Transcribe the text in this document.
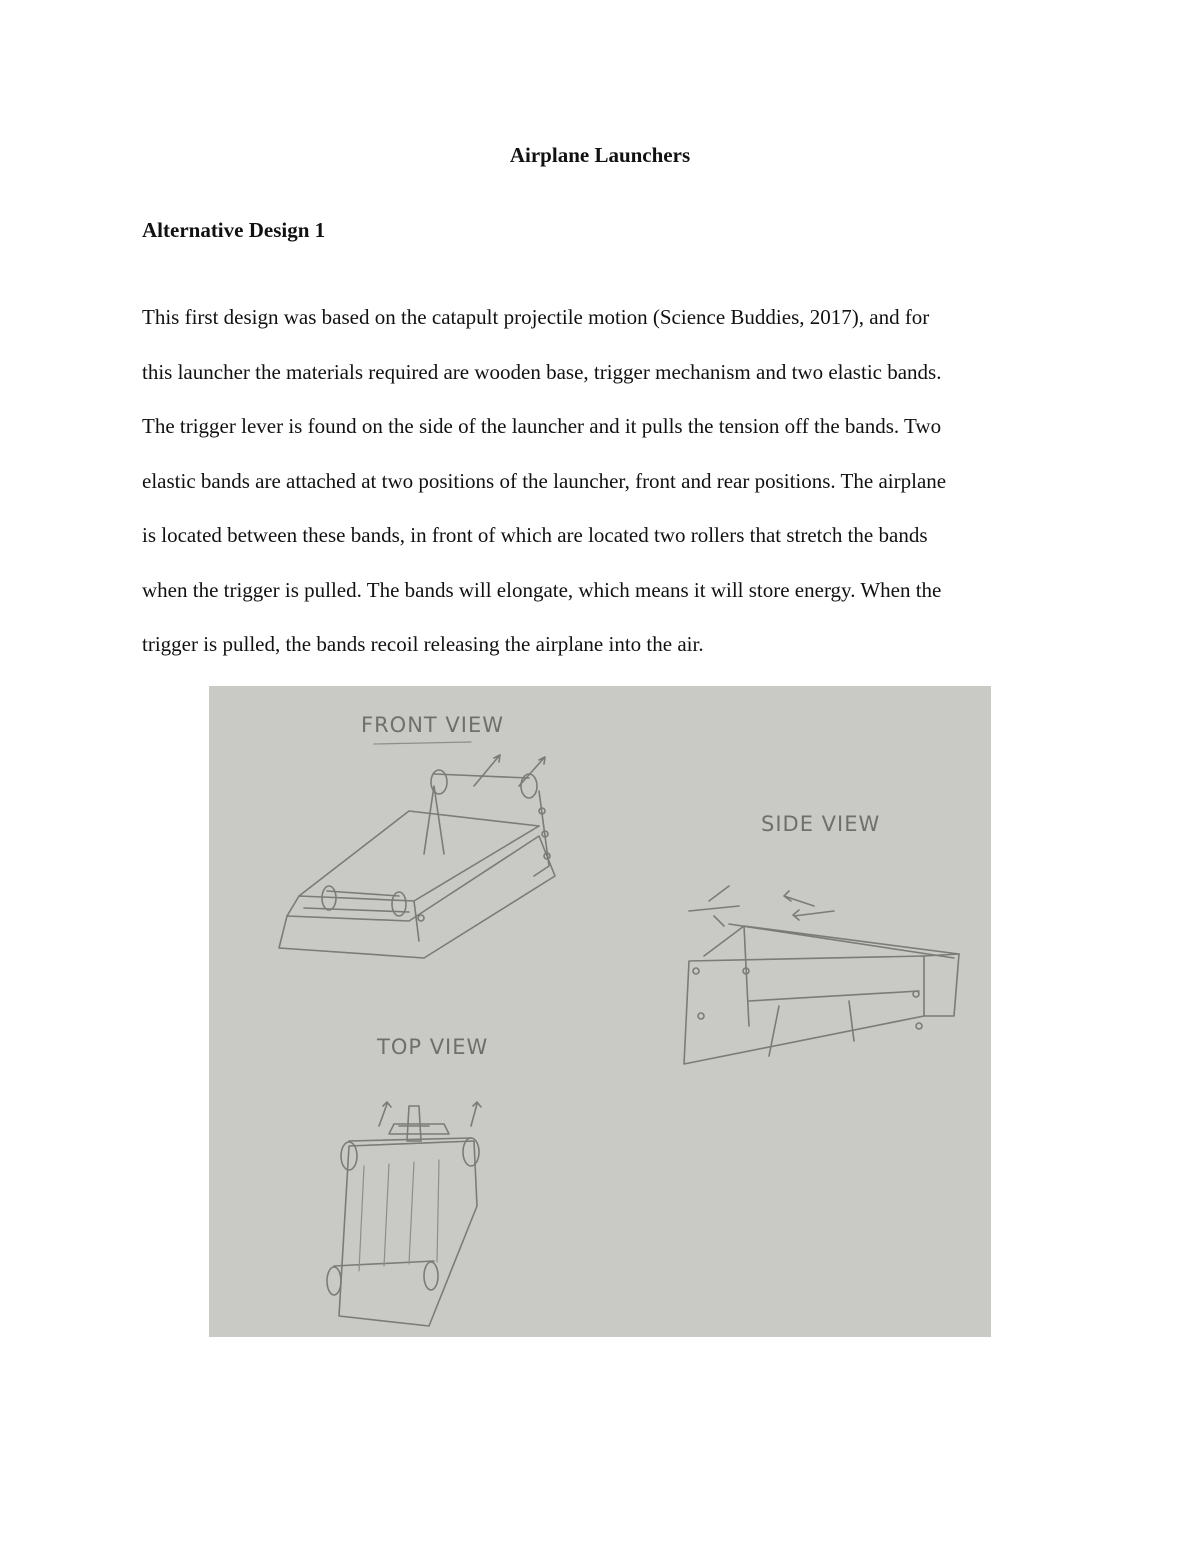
Airplane Launchers
Alternative Design 1
This first design was based on the catapult projectile motion (Science Buddies, 2017), and for
this launcher the materials required are wooden base, trigger mechanism and two elastic bands.
The trigger lever is found on the side of the launcher and it pulls the tension off the bands. Two
elastic bands are attached at two positions of the launcher, front and rear positions. The airplane
is located between these bands, in front of which are located two rollers that stretch the bands
when the trigger is pulled. The bands will elongate, which means it will store energy. When the
trigger is pulled, the bands recoil releasing the airplane into the air.
FRONT VIEW
SIDE VIEW
TOP VIEW
